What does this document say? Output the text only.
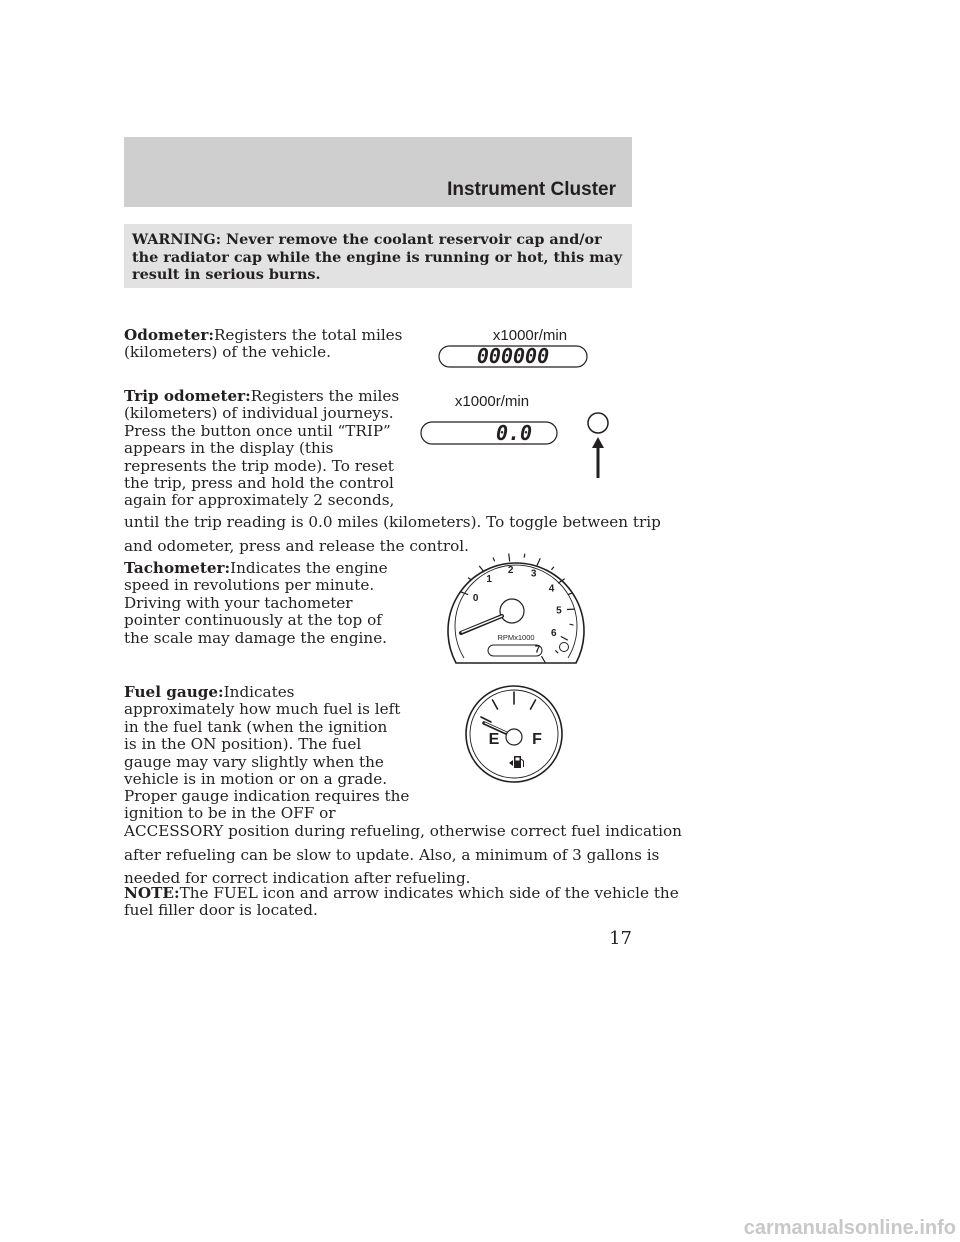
Instrument Cluster
WARNING: Never remove the coolant reservoir cap and/or the radiator cap while the engine is running or hot, this may result in serious burns.
Odometer:Registers the total miles
(kilometers) of the vehicle.
x1000r/min
000000
Trip odometer:Registers the miles
(kilometers) of individual journeys.
Press the button once until “TRIP”
appears in the display (this
represents the trip mode). To reset
the trip, press and hold the control
again for approximately 2 seconds,
until the trip reading is 0.0 miles (kilometers). To toggle between trip
and odometer, press and release the control.
x1000r/min
0.0
Tachometer:Indicates the engine
speed in revolutions per minute.
Driving with your tachometer
pointer continuously at the top of
the scale may damage the engine.
0
1
2 3
4
5
6
7
RPMx1000
Fuel gauge:Indicates
approximately how much fuel is left
in the fuel tank (when the ignition
is in the ON position). The fuel
gauge may vary slightly when the
vehicle is in motion or on a grade.
E F
Proper gauge indication requires the
ignition to be in the OFF or
ACCESSORY position during refueling, otherwise correct fuel indication
after refueling can be slow to update. Also, a minimum of 3 gallons is
needed for correct indication after refueling.
NOTE:The FUEL icon and arrow indicates which side of the vehicle the
fuel filler door is located.
17
carmanualsonline.info
